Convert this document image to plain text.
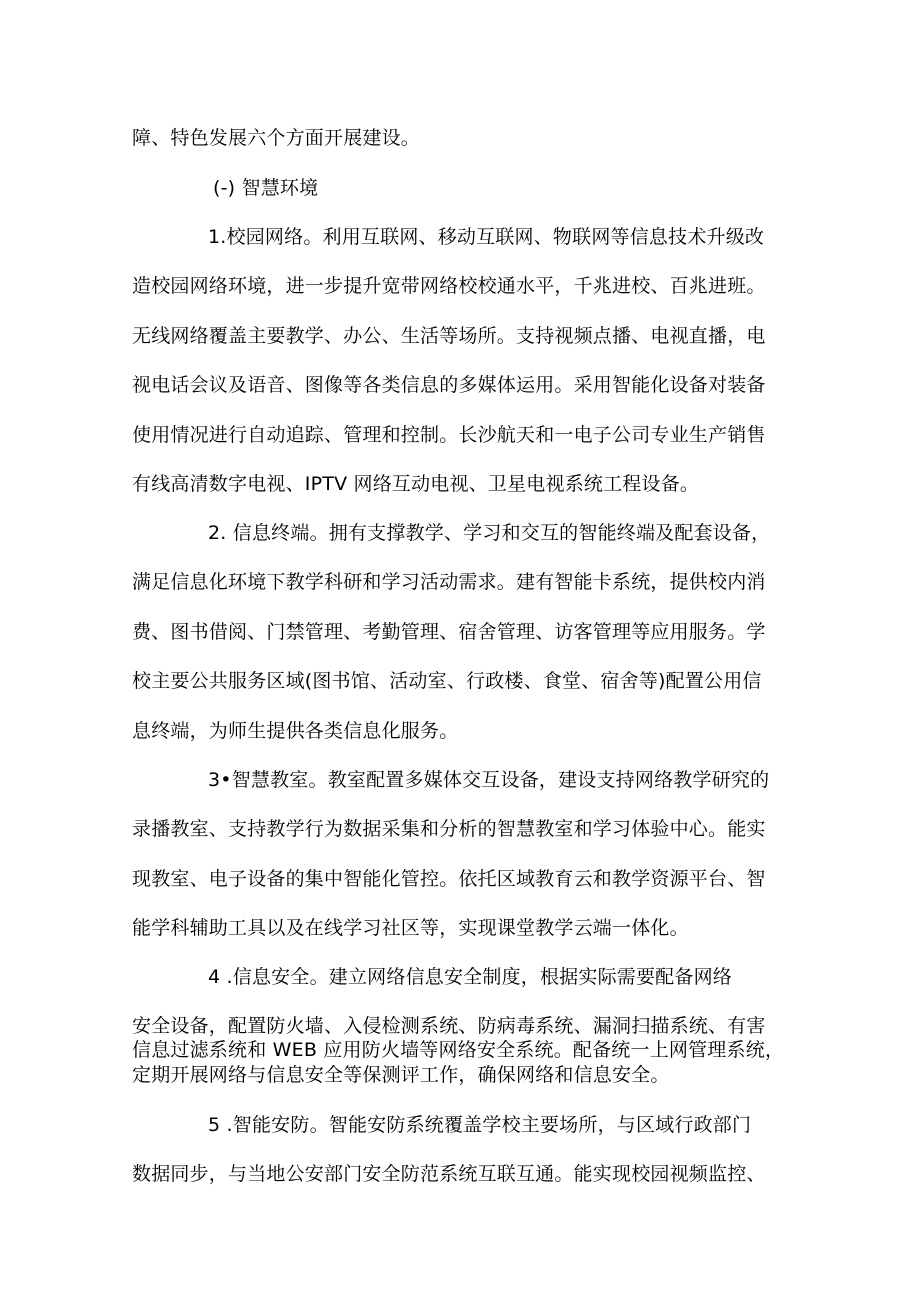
障、特色发展六个方面开展建设。
(-) 智慧环境
1.校园网络。利用互联网、移动互联网、物联网等信息技术升级改
造校园网络环境，进一步提升宽带网络校校通水平，千兆进校、百兆进班。
无线网络覆盖主要教学、办公、生活等场所。支持视频点播、电视直播，电
视电话会议及语音、图像等各类信息的多媒体运用。采用智能化设备对装备
使用情况进行自动追踪、管理和控制。长沙航天和一电子公司专业生产销售
有线高清数字电视、IPTV 网络互动电视、卫星电视系统工程设备。
2. 信息终端。拥有支撑教学、学习和交互的智能终端及配套设备，
满足信息化环境下教学科研和学习活动需求。建有智能卡系统，提供校内消
费、图书借阅、门禁管理、考勤管理、宿舍管理、访客管理等应用服务。学
校主要公共服务区域(图书馆、活动室、行政楼、食堂、宿舍等)配置公用信
息终端，为师生提供各类信息化服务。
3•智慧教室。教室配置多媒体交互设备，建设支持网络教学研究的
录播教室、支持教学行为数据采集和分析的智慧教室和学习体验中心。能实
现教室、电子设备的集中智能化管控。依托区域教育云和教学资源平台、智
能学科辅助工具以及在线学习社区等，实现课堂教学云端一体化。
4 .信息安全。建立网络信息安全制度，根据实际需要配备网络
安全设备，配置防火墙、入侵检测系统、防病毒系统、漏洞扫描系统、有害
信息过滤系统和 WEB 应用防火墙等网络安全系统。配备统一上网管理系统，
定期开展网络与信息安全等保测评工作，确保网络和信息安全。
5 .智能安防。智能安防系统覆盖学校主要场所，与区域行政部门
数据同步，与当地公安部门安全防范系统互联互通。能实现校园视频监控、
